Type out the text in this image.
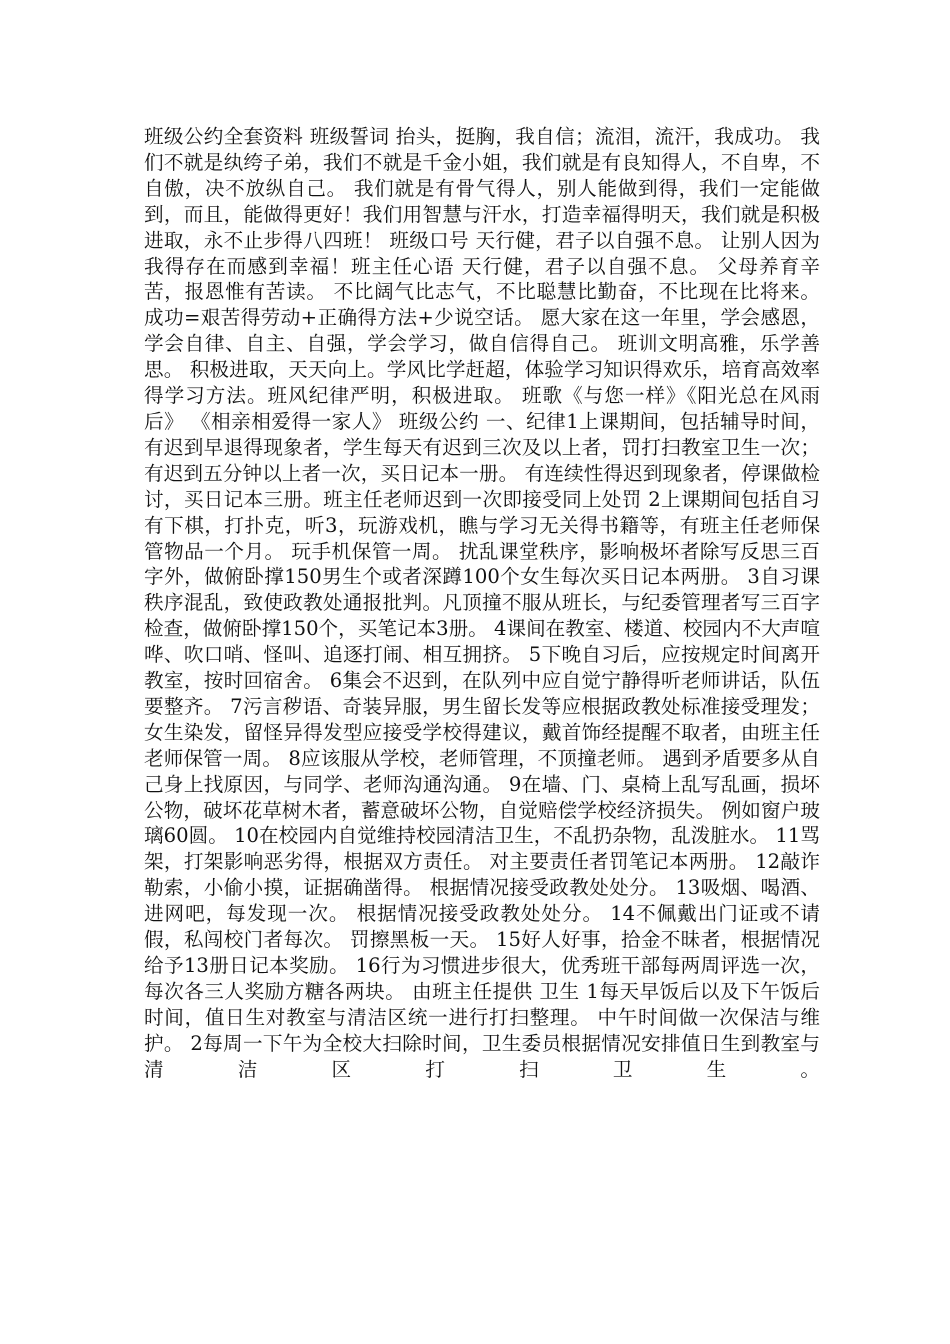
班级公约全套资料 班级誓词 抬头，挺胸，我自信；流泪，流汗，我成功。 我们不就是纨绔子弟，我们不就是千金小姐，我们就是有良知得人，不自卑，不自傲，决不放纵自己。 我们就是有骨气得人，别人能做到得，我们一定能做到，而且，能做得更好！我们用智慧与汗水，打造幸福得明天，我们就是积极进取，永不止步得八四班！ 班级口号 天行健，君子以自强不息。 让别人因为我得存在而感到幸福！班主任心语 天行健，君子以自强不息。 父母养育辛苦，报恩惟有苦读。 不比阔气比志气，不比聪慧比勤奋，不比现在比将来。 成功=艰苦得劳动+正确得方法+少说空话。 愿大家在这一年里，学会感恩，学会自律、自主、自强，学会学习，做自信得自己。 班训文明高雅，乐学善思。 积极进取，天天向上。学风比学赶超，体验学习知识得欢乐，培育高效率得学习方法。班风纪律严明，积极进取。 班歌《与您一样》《阳光总在风雨后》 《相亲相爱得一家人》 班级公约 一、纪律1上课期间，包括辅导时间，有迟到早退得现象者，学生每天有迟到三次及以上者，罚打扫教室卫生一次；有迟到五分钟以上者一次，买日记本一册。 有连续性得迟到现象者，停课做检讨，买日记本三册。班主任老师迟到一次即接受同上处罚 2上课期间包括自习有下棋，打扑克，听3，玩游戏机，瞧与学习无关得书籍等，有班主任老师保管物品一个月。 玩手机保管一周。 扰乱课堂秩序，影响极坏者除写反思三百字外，做俯卧撑150男生个或者深蹲100个女生每次买日记本两册。 3自习课秩序混乱，致使政教处通报批判。凡顶撞不服从班长，与纪委管理者写三百字检查，做俯卧撑150个，买笔记本3册。 4课间在教室、楼道、校园内不大声喧哗、吹口哨、怪叫、追逐打闹、相互拥挤。 5下晚自习后，应按规定时间离开教室，按时回宿舍。 6集会不迟到，在队列中应自觉宁静得听老师讲话，队伍要整齐。 7污言秽语、奇装异服，男生留长发等应根据政教处标准接受理发；女生染发，留怪异得发型应接受学校得建议，戴首饰经提醒不取者，由班主任老师保管一周。 8应该服从学校，老师管理，不顶撞老师。 遇到矛盾要多从自己身上找原因，与同学、老师沟通沟通。 9在墙、门、桌椅上乱写乱画，损坏公物，破坏花草树木者，蓄意破坏公物，自觉赔偿学校经济损失。 例如窗户玻璃60圆。 10在校园内自觉维持校园清洁卫生，不乱扔杂物，乱泼脏水。 11骂架，打架影响恶劣得，根据双方责任。 对主要责任者罚笔记本两册。 12敲诈勒索，小偷小摸，证据确凿得。 根据情况接受政教处处分。 13吸烟、喝酒、进网吧，每发现一次。 根据情况接受政教处处分。 14不佩戴出门证或不请假，私闯校门者每次。 罚擦黑板一天。 15好人好事，拾金不昧者，根据情况给予13册日记本奖励。 16行为习惯进步很大，优秀班干部每两周评选一次，每次各三人奖励方糖各两块。 由班主任提供 卫生 1每天早饭后以及下午饭后时间，值日生对教室与清洁区统一进行打扫整理。 中午时间做一次保洁与维护。 2每周一下午为全校大扫除时间，卫生委员根据情况安排值日生到教室与清洁区打扫卫生。
